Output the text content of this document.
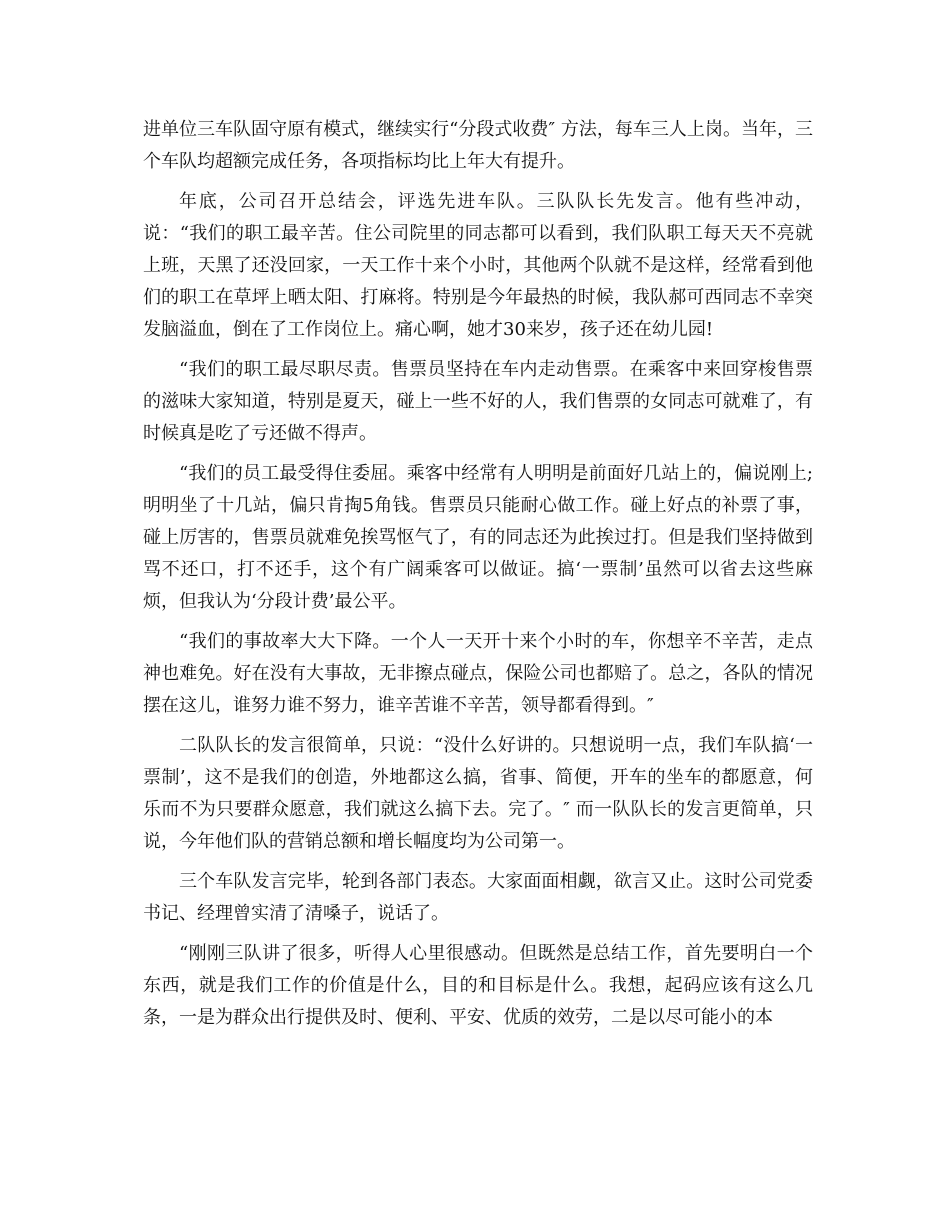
进单位三车队固守原有模式，继续实行“分段式收费″ 方法，每车三人上岗。当年，三个车队均超额完成任务，各项指标均比上年大有提升。

年底，公司召开总结会，评选先进车队。三队队长先发言。他有些冲动，说：“我们的职工最辛苦。住公司院里的同志都可以看到，我们队职工每天天不亮就上班，天黑了还没回家，一天工作十来个小时，其他两个队就不是这样，经常看到他们的职工在草坪上晒太阳、打麻将。特别是今年最热的时候，我队郝可西同志不幸突发脑溢血，倒在了工作岗位上。痛心啊，她才30来岁，孩子还在幼儿园!

“我们的职工最尽职尽责。售票员坚持在车内走动售票。在乘客中来回穿梭售票的滋味大家知道，特别是夏天，碰上一些不好的人，我们售票的女同志可就难了，有时候真是吃了亏还做不得声。

“我们的员工最受得住委屈。乘客中经常有人明明是前面好几站上的，偏说刚上;明明坐了十几站，偏只肯掏5角钱。售票员只能耐心做工作。碰上好点的补票了事，碰上厉害的，售票员就难免挨骂怄气了，有的同志还为此挨过打。但是我们坚持做到骂不还口，打不还手，这个有广阔乘客可以做证。搞‘一票制’虽然可以省去这些麻烦，但我认为‘分段计费’最公平。

“我们的事故率大大下降。一个人一天开十来个小时的车，你想辛不辛苦，走点神也难免。好在没有大事故，无非擦点碰点，保险公司也都赔了。总之，各队的情况摆在这儿，谁努力谁不努力，谁辛苦谁不辛苦，领导都看得到。″

二队队长的发言很简单，只说：“没什么好讲的。只想说明一点，我们车队搞‘一票制’，这不是我们的创造，外地都这么搞，省事、简便，开车的坐车的都愿意，何乐而不为只要群众愿意，我们就这么搞下去。完了。″ 而一队队长的发言更简单，只说，今年他们队的营销总额和增长幅度均为公司第一。

三个车队发言完毕，轮到各部门表态。大家面面相觑，欲言又止。这时公司党委书记、经理曾实清了清嗓子，说话了。

“刚刚三队讲了很多，听得人心里很感动。但既然是总结工作，首先要明白一个东西，就是我们工作的价值是什么，目的和目标是什么。我想，起码应该有这么几条，一是为群众出行提供及时、便利、平安、优质的效劳，二是以尽可能小的本
